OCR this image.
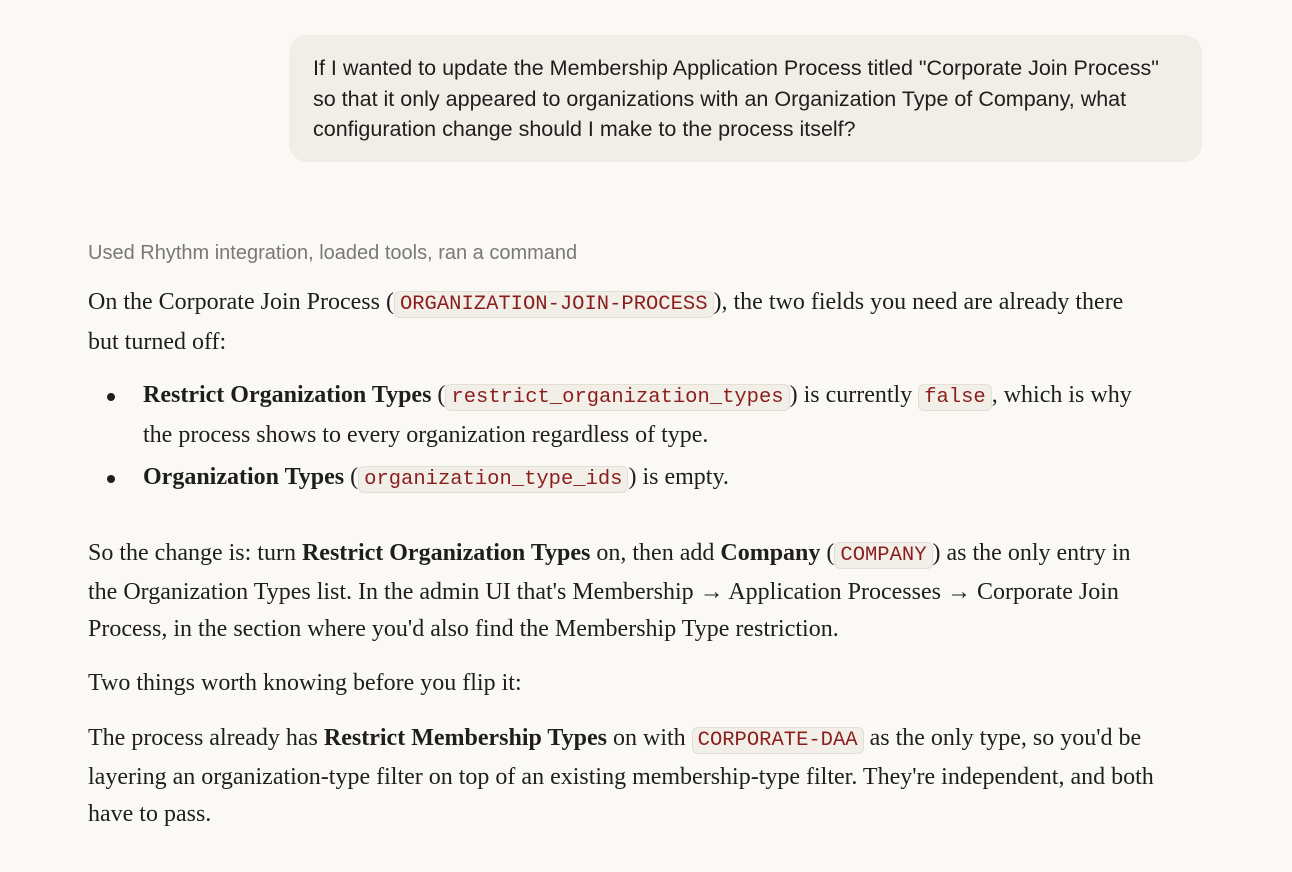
If I wanted to update the Membership Application Process titled "Corporate Join Process" so that it only appeared to organizations with an Organization Type of Company, what configuration change should I make to the process itself?
Used Rhythm integration, loaded tools, ran a command

On the Corporate Join Process ( ORGANIZATION-JOIN-PROCESS ), the two fields you need are already there but turned off:

Restrict Organization Types ( restrict_organization_types ) is currently false , which is why the process shows to every organization regardless of type.
Organization Types ( organization_type_ids ) is empty.

So the change is: turn Restrict Organization Types on, then add Company ( COMPANY ) as the only entry in the Organization Types list. In the admin UI that's Membership → Application Processes → Corporate Join Process, in the section where you'd also find the Membership Type restriction.

Two things worth knowing before you flip it:

The process already has Restrict Membership Types on with CORPORATE-DAA as the only type, so you'd be layering an organization-type filter on top of an existing membership-type filter. They're independent, and both have to pass.
